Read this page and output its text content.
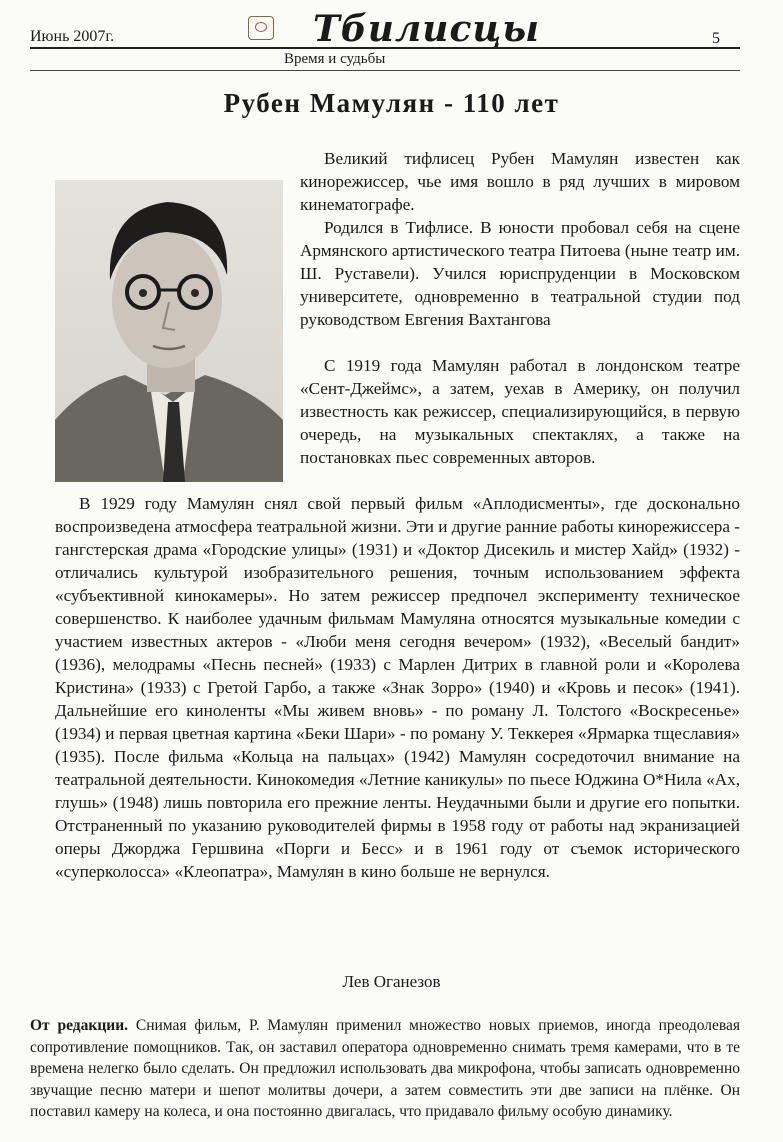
Июнь 2007г.	Тбилисцы	5
Время и судьбы
Рубен Мамулян - 110 лет

Великий тифлисец Рубен Мамулян известен как кинорежиссер, чье имя вошло в ряд лучших в мировом кинематографе.

Родился в Тифлисе. В юности пробовал себя на сцене Армянского артистического театра Питоева (ныне театр им. Ш. Руставели). Учился юриспруденции в Московском университете, одновременно в театральной студии под руководством Евгения Вахтангова

С 1919 года Мамулян работал в лондонском театре «Сент-Джеймс», а затем, уехав в Америку, он получил известность как режиссер, специализирующийся, в первую очередь, на музыкальных спектаклях, а также на постановках пьес современных авторов.

В 1929 году Мамулян снял свой первый фильм «Аплодисменты», где досконально воспроизведена атмосфера театральной жизни. Эти и другие ранние работы кинорежиссера - гангстерская драма «Городские улицы» (1931) и «Доктор Дисекиль и мистер Хайд» (1932) - отличались культурой изобразительного решения, точным использованием эффекта «субъективной кинокамеры». Но затем режиссер предпочел эксперименту техническое совершенство. К наиболее удачным фильмам Мамуляна относятся музыкальные комедии с участием известных актеров - «Люби меня сегодня вечером» (1932), «Веселый бандит» (1936), мелодрамы «Песнь песней» (1933) с Марлен Дитрих в главной роли и «Королева Кристина» (1933) с Гретой Гарбо, а также «Знак Зорро» (1940) и «Кровь и песок» (1941). Дальнейшие его киноленты «Мы живем вновь» - по роману Л. Толстого «Воскресенье» (1934) и первая цветная картина «Беки Шари» - по роману У. Теккерея «Ярмарка тщеславия» (1935). После фильма «Кольца на пальцах» (1942) Мамулян сосредоточил внимание на театральной деятельности. Кинокомедия «Летние каникулы» по пьесе Юджина О*Нила «Ах, глушь» (1948) лишь повторила его прежние ленты. Неудачными были и другие его попытки. Отстраненный по указанию руководителей фирмы в 1958 году от работы над экранизацией оперы Джорджа Гершвина «Порги и Бесс» и в 1961 году от съемок исторического «суперколосса» «Клеопатра», Мамулян в кино больше не вернулся.

Лев Оганезов

От редакции. Снимая фильм, Р. Мамулян применил множество новых приемов, иногда преодолевая сопротивление помощников. Так, он заставил оператора одновременно снимать тремя камерами, что в те времена нелегко было сделать. Он предложил использовать два микрофона, чтобы записать одновременно звучащие песню матери и шепот молитвы дочери, а затем совместить эти две записи на плёнке. Он поставил камеру на колеса, и она постоянно двигалась, что придавало фильму особую динамику.
